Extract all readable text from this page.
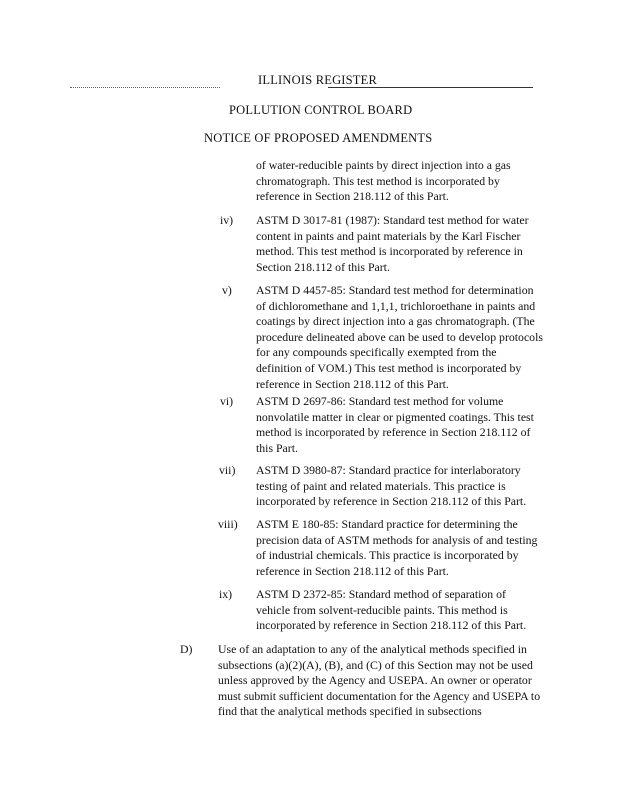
ILLINOIS REGISTER
POLLUTION CONTROL BOARD
NOTICE OF PROPOSED AMENDMENTS
of water-reducible paints by direct injection into a gas chromatograph. This test method is incorporated by reference in Section 218.112 of this Part.
iv) ASTM D 3017-81 (1987): Standard test method for water content in paints and paint materials by the Karl Fischer method. This test method is incorporated by reference in Section 218.112 of this Part.
v) ASTM D 4457-85: Standard test method for determination of dichloromethane and 1,1,1, trichloroethane in paints and coatings by direct injection into a gas chromatograph. (The procedure delineated above can be used to develop protocols for any compounds specifically exempted from the definition of VOM.) This test method is incorporated by reference in Section 218.112 of this Part.
vi) ASTM D 2697-86: Standard test method for volume nonvolatile matter in clear or pigmented coatings. This test method is incorporated by reference in Section 218.112 of this Part.
vii) ASTM D 3980-87: Standard practice for interlaboratory testing of paint and related materials. This practice is incorporated by reference in Section 218.112 of this Part.
viii) ASTM E 180-85: Standard practice for determining the precision data of ASTM methods for analysis of and testing of industrial chemicals. This practice is incorporated by reference in Section 218.112 of this Part.
ix) ASTM D 2372-85: Standard method of separation of vehicle from solvent-reducible paints. This method is incorporated by reference in Section 218.112 of this Part.
D) Use of an adaptation to any of the analytical methods specified in subsections (a)(2)(A), (B), and (C) of this Section may not be used unless approved by the Agency and USEPA. An owner or operator must submit sufficient documentation for the Agency and USEPA to find that the analytical methods specified in subsections
